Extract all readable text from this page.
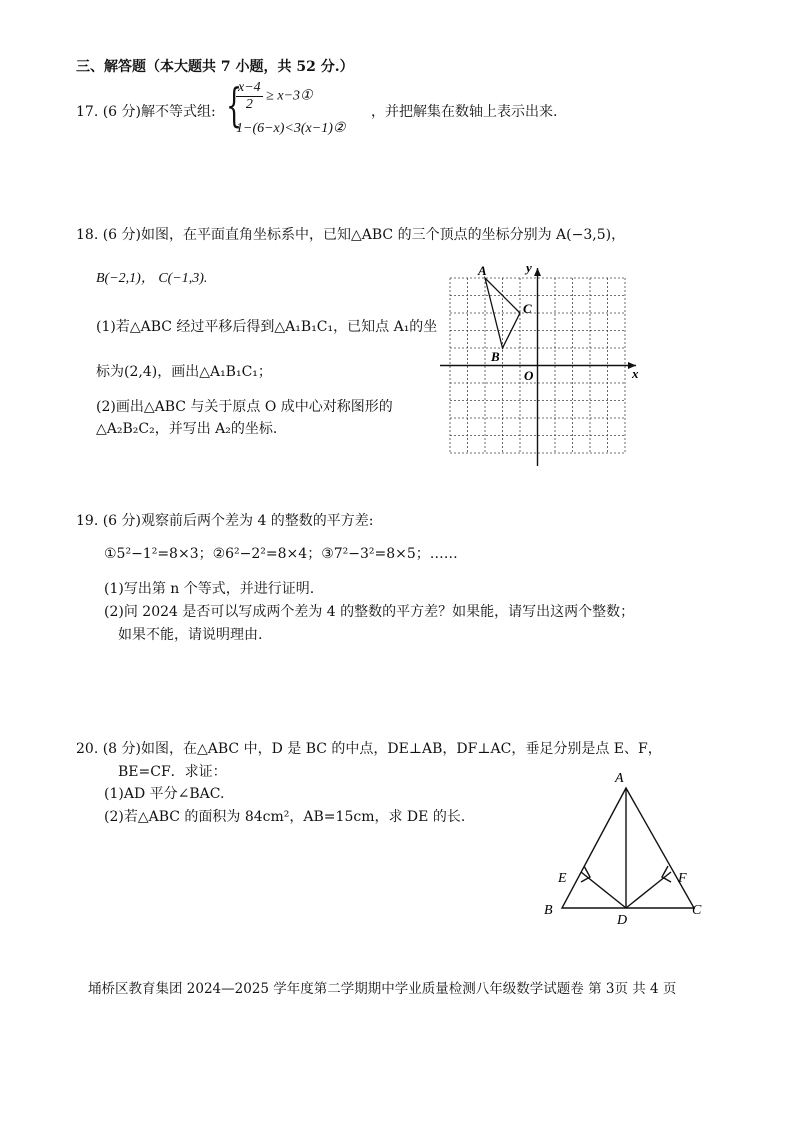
三、解答题（本大题共 7 小题，共 52 分.）
17. (6 分)解不等式组: {
$\frac{x-4}{2}$ ≥ x−3①
1−(6−x)<3(x−1)②
，并把解集在数轴上表示出来.
18. (6 分)如图，在平面直角坐标系中，已知△ABC 的三个顶点的坐标分别为 A(−3,5)，
B(−2,1)， C(−1,3).
(1)若△ABC 经过平移后得到△A₁B₁C₁，已知点 A₁的坐
标为(2,4)，画出△A₁B₁C₁；
(2)画出△ABC 与关于原点 O 成中心对称图形的
△A₂B₂C₂，并写出 A₂的坐标.
A
B
C
O	x
y
19. (6 分)观察前后两个差为 4 的整数的平方差:
①5²−1²=8×3；②6²−2²=8×4；③7²−3²=8×5；……
(1)写出第 n 个等式，并进行证明.
(2)问 2024 是否可以写成两个差为 4 的整数的平方差？如果能，请写出这两个整数；
如果不能，请说明理由.
20. (8 分)如图，在△ABC 中，D 是 BC 的中点，DE⊥AB，DF⊥AC，垂足分别是点 E、F，
BE=CF．求证：
(1)AD 平分∠BAC.
(2)若△ABC 的面积为 84cm²，AB=15cm，求 DE 的长.
A
B	C
D
E	F
埇桥区教育集团 2024—2025 学年度第二学期期中学业质量检测八年级数学试题卷 第 3页 共 4 页
